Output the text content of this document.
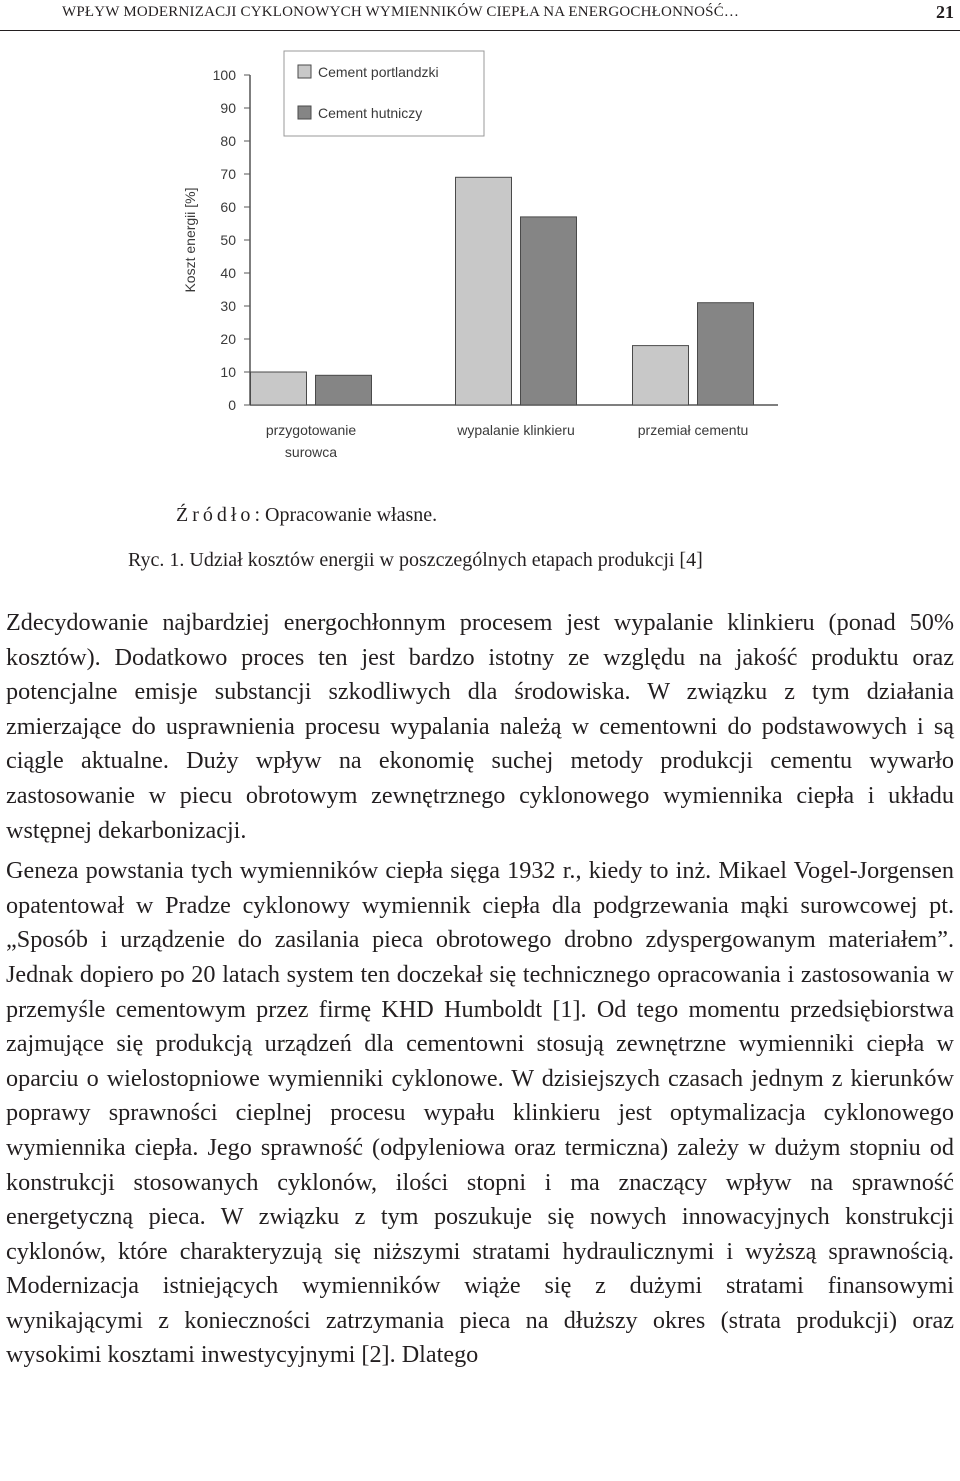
WPŁYW MODERNIZACJI CYKLONOWYCH WYMIENNIKÓW CIEPŁA NA ENERGOCHŁONNOŚĆ…	21
0
10
20
30
40
50
60
70
80
90
100
Koszt energii [%]
przygotowanie
surowca
wypalanie klinkieru	przemiał cementu
Cement portlandzki
Cement hutniczy
Źródło: Opracowanie własne.
Ryc. 1. Udział kosztów energii w poszczególnych etapach produkcji [4]

Zdecydowanie najbardziej energochłonnym procesem jest wypalanie klinkieru (ponad 50% kosztów). Dodatkowo proces ten jest bardzo istotny ze względu na jakość produktu oraz potencjalne emisje substancji szkodliwych dla środowiska. W związku z tym działania zmierzające do usprawnienia procesu wypalania należą w cementowni do podstawowych i są ciągle aktualne. Duży wpływ na ekonomię suchej metody produkcji cementu wywarło zastosowanie w piecu obrotowym zewnętrznego cyklonowego wymiennika ciepła i układu wstępnej dekarbonizacji.

Geneza powstania tych wymienników ciepła sięga 1932 r., kiedy to inż. Mikael Vogel-Jorgensen opatentował w Pradze cyklonowy wymiennik ciepła dla podgrzewania mąki surowcowej pt. „Sposób i urządzenie do zasilania pieca obrotowego drobno zdyspergowanym materiałem”. Jednak dopiero po 20 latach system ten doczekał się technicznego opracowania i zastosowania w przemyśle cementowym przez firmę KHD Humboldt [1]. Od tego momentu przedsiębiorstwa zajmujące się produkcją urządzeń dla cementowni stosują zewnętrzne wymienniki ciepła w oparciu o wielostopniowe wymienniki cyklonowe. W dzisiejszych czasach jednym z kierunków poprawy sprawności cieplnej procesu wypału klinkieru jest optymalizacja cyklonowego wymiennika ciepła. Jego sprawność (odpyleniowa oraz termiczna) zależy w dużym stopniu od konstrukcji stosowanych cyklonów, ilości stopni i ma znaczący wpływ na sprawność energetyczną pieca. W związku z tym poszukuje się nowych innowacyjnych konstrukcji cyklonów, które charakteryzują się niższymi stratami hydraulicznymi i wyższą sprawnością. Modernizacja istniejących wymienników wiąże się z dużymi stratami finansowymi wynikającymi z konieczności zatrzymania pieca na dłuższy okres (strata produkcji) oraz wysokimi kosztami inwestycyjnymi [2]. Dlatego
